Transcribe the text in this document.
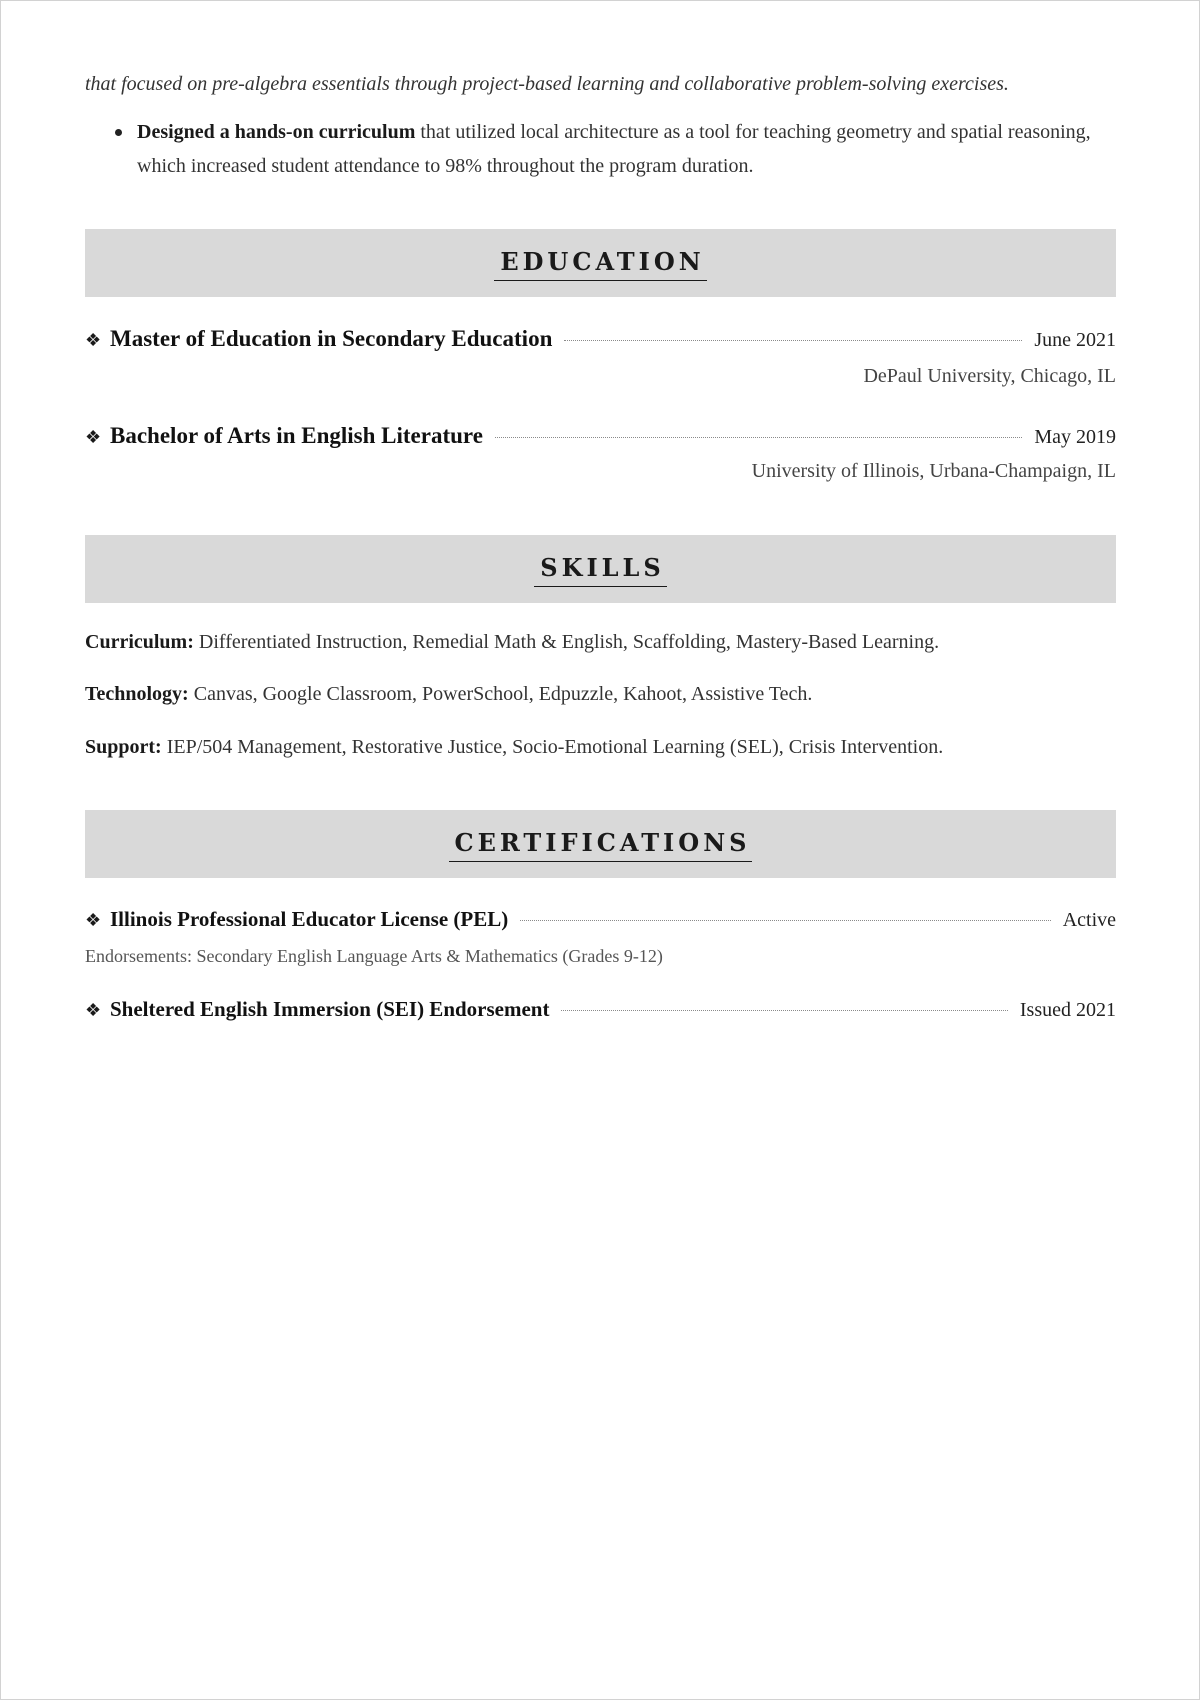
that focused on pre-algebra essentials through project-based learning and collaborative problem-solving exercises.
Designed a hands-on curriculum that utilized local architecture as a tool for teaching geometry and spatial reasoning, which increased student attendance to 98% throughout the program duration.
EDUCATION
❖ Master of Education in Secondary Education	June 2021
DePaul University, Chicago, IL
❖ Bachelor of Arts in English Literature	May 2019
University of Illinois, Urbana-Champaign, IL
SKILLS
Curriculum: Differentiated Instruction, Remedial Math & English, Scaffolding, Mastery-Based Learning.
Technology: Canvas, Google Classroom, PowerSchool, Edpuzzle, Kahoot, Assistive Tech.
Support: IEP/504 Management, Restorative Justice, Socio-Emotional Learning (SEL), Crisis Intervention.
CERTIFICATIONS
❖ Illinois Professional Educator License (PEL)	Active
Endorsements: Secondary English Language Arts & Mathematics (Grades 9-12)
❖ Sheltered English Immersion (SEI) Endorsement	Issued 2021
